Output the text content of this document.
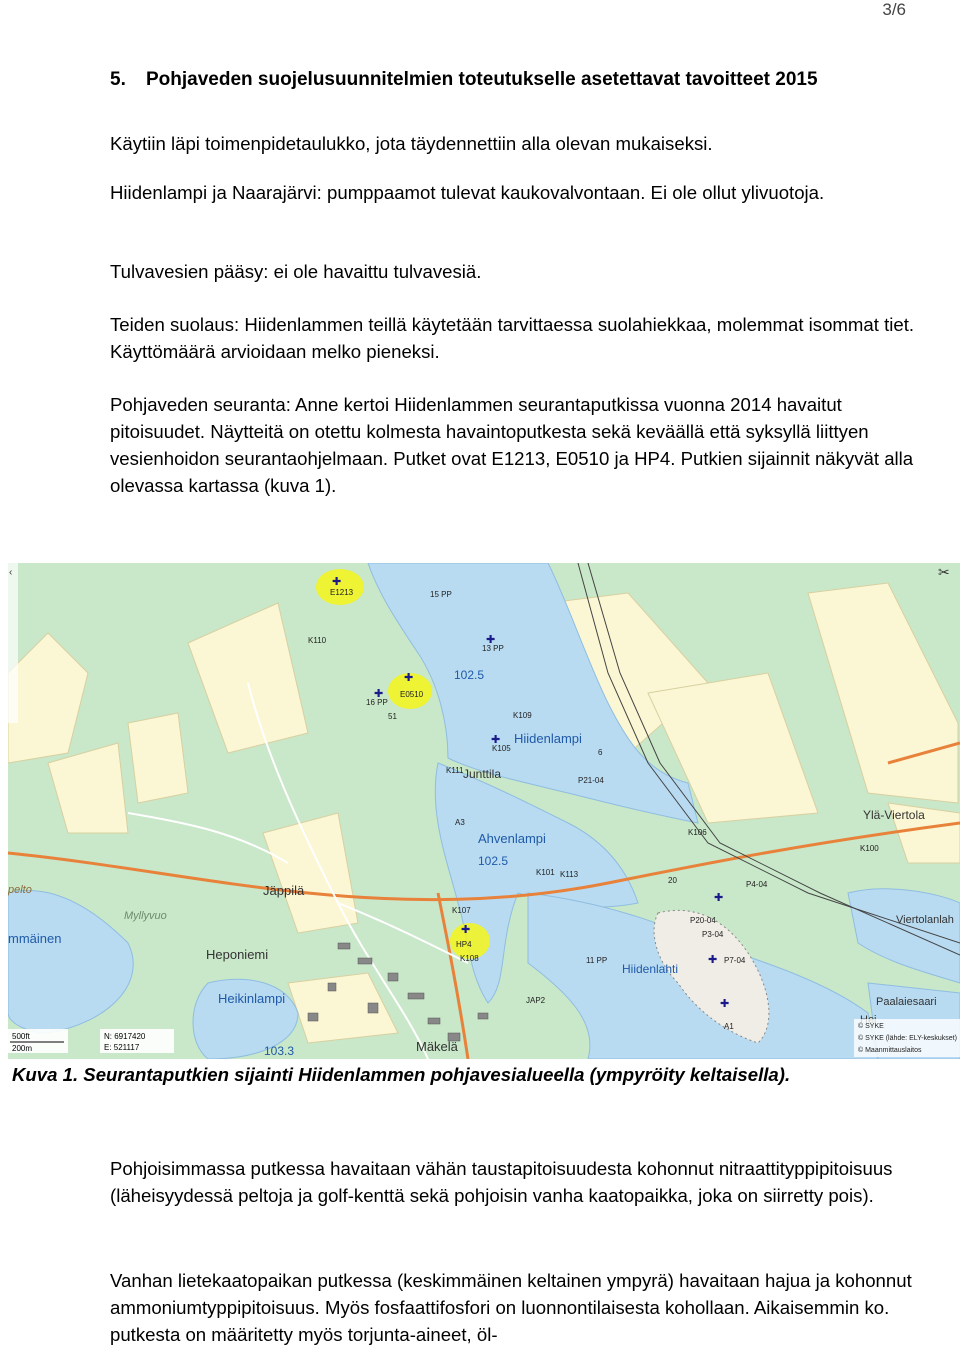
3/6
5. Pohjaveden suojelusuunnitelmien toteutukselle asetettavat tavoitteet 2015

Käytiin läpi toimenpidetaulukko, jota täydennettiin alla olevan mukaiseksi.

Hiidenlampi ja Naarajärvi: pumppaamot tulevat kaukovalvontaan. Ei ole ollut ylivuotoja.

Tulvavesien pääsy: ei ole havaittu tulvavesiä.

Teiden suolaus: Hiidenlammen teillä käytetään tarvittaessa suolahiekkaa, molemmat isommat tiet. Käyttömäärä arvioidaan melko pieneksi.

Pohjaveden seuranta: Anne kertoi Hiidenlammen seurantaputkissa vuonna 2014 havaitut pitoisuudet. Näytteitä on otettu kolmesta havaintoputkesta sekä keväällä että syksyllä liittyen vesienhoidon seurantaohjelmaan. Putket ovat E1213, E0510 ja HP4. Putkien sijainnit näkyvät alla olevassa kartassa (kuva 1).

✚
✚
✚
✚
✚
✚
✚
✚
✚
E1213	15 PP
K110
13 PP
E0510
16 PP
51	K109
K105
K111
6
P21-04
A3
K106
K100
K101 K113
20
K107
HP4
K108	11 PP
JAP2
A1
P20-04
P3-04
P4-04
P7-04
Hiidenlampi
Junttila
Ahvenlampi
Jäppilä
Heponiemi
Heikinlampi
Mäkelä
Ylä-Viertola
Viertolanlah
Paalaiesaari
Hiidenlahti
Myllyvuo
pelto
mmäinen
102.5
102.5
103.3
‹	✂
500ft
200m
N: 6917420
E: 521117
© SYKE
© SYKE (lähde: ELY-keskukset)
© Maanmittauslaitos
Kuva 1. Seurantaputkien sijainti Hiidenlammen pohjavesialueella (ympyröity keltaisella).

Pohjoisimmassa putkessa havaitaan vähän taustapitoisuudesta kohonnut nitraattityppipitoisuus (läheisyydessä peltoja ja golf-kenttä sekä pohjoisin vanha kaatopaikka, joka on siirretty pois).

Vanhan lietekaatopaikan putkessa (keskimmäinen keltainen ympyrä) havaitaan hajua ja kohonnut ammoniumtyppipitoisuus. Myös fosfaattifosfori on luonnontilaisesta kohollaan. Aikaisemmin ko. putkesta on määritetty myös torjunta-aineet, öl-
